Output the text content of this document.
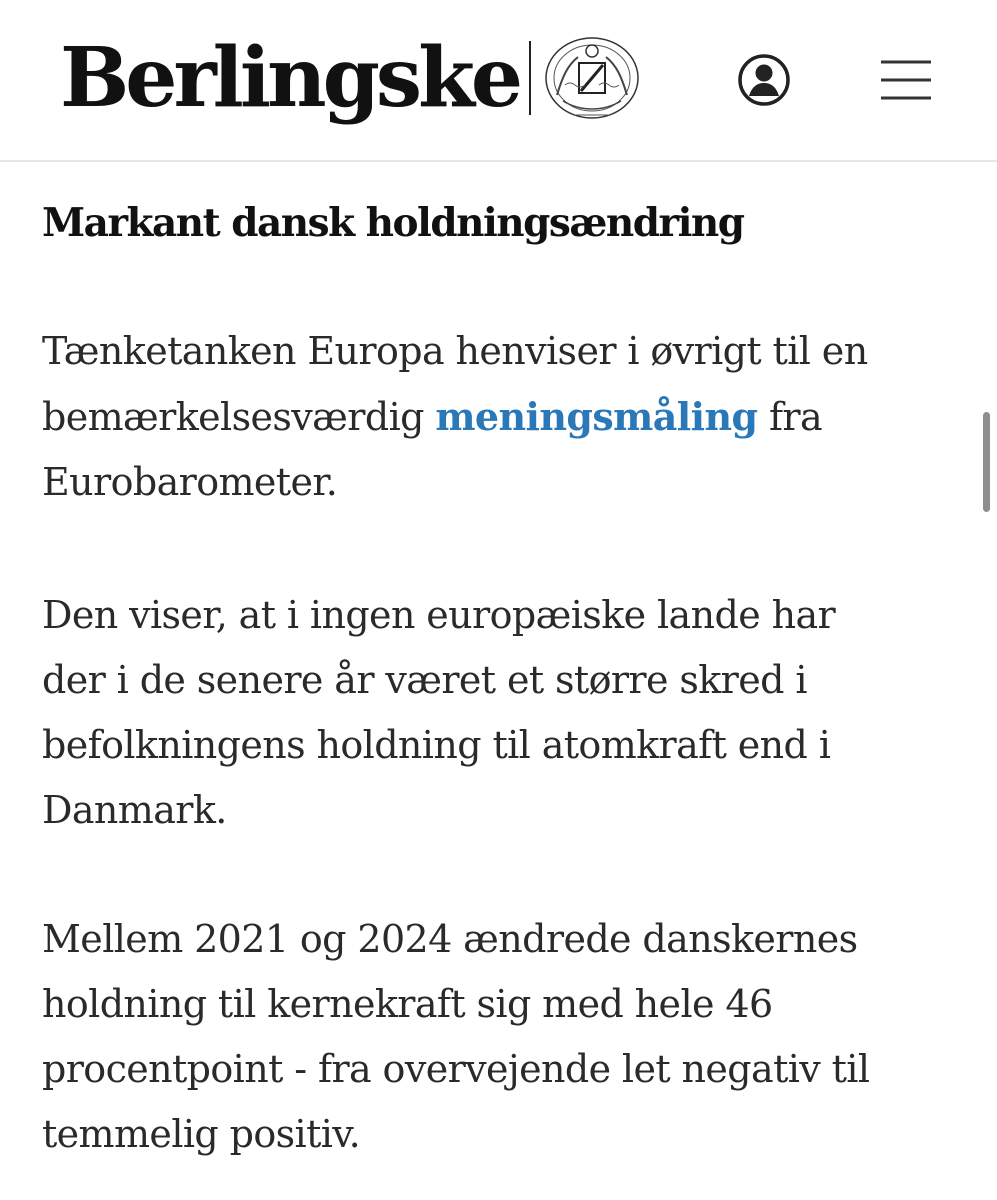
Berlingske
Markant dansk holdningsændring

Tænketanken Europa henviser i øvrigt til en
bemærkelsesværdig meningsmåling fra
Eurobarometer.

Den viser, at i ingen europæiske lande har
der i de senere år været et større skred i
befolkningens holdning til atomkraft end i
Danmark.

Mellem 2021 og 2024 ændrede danskernes
holdning til kernekraft sig med hele 46
procentpoint - fra overvejende let negativ til
temmelig positiv.
